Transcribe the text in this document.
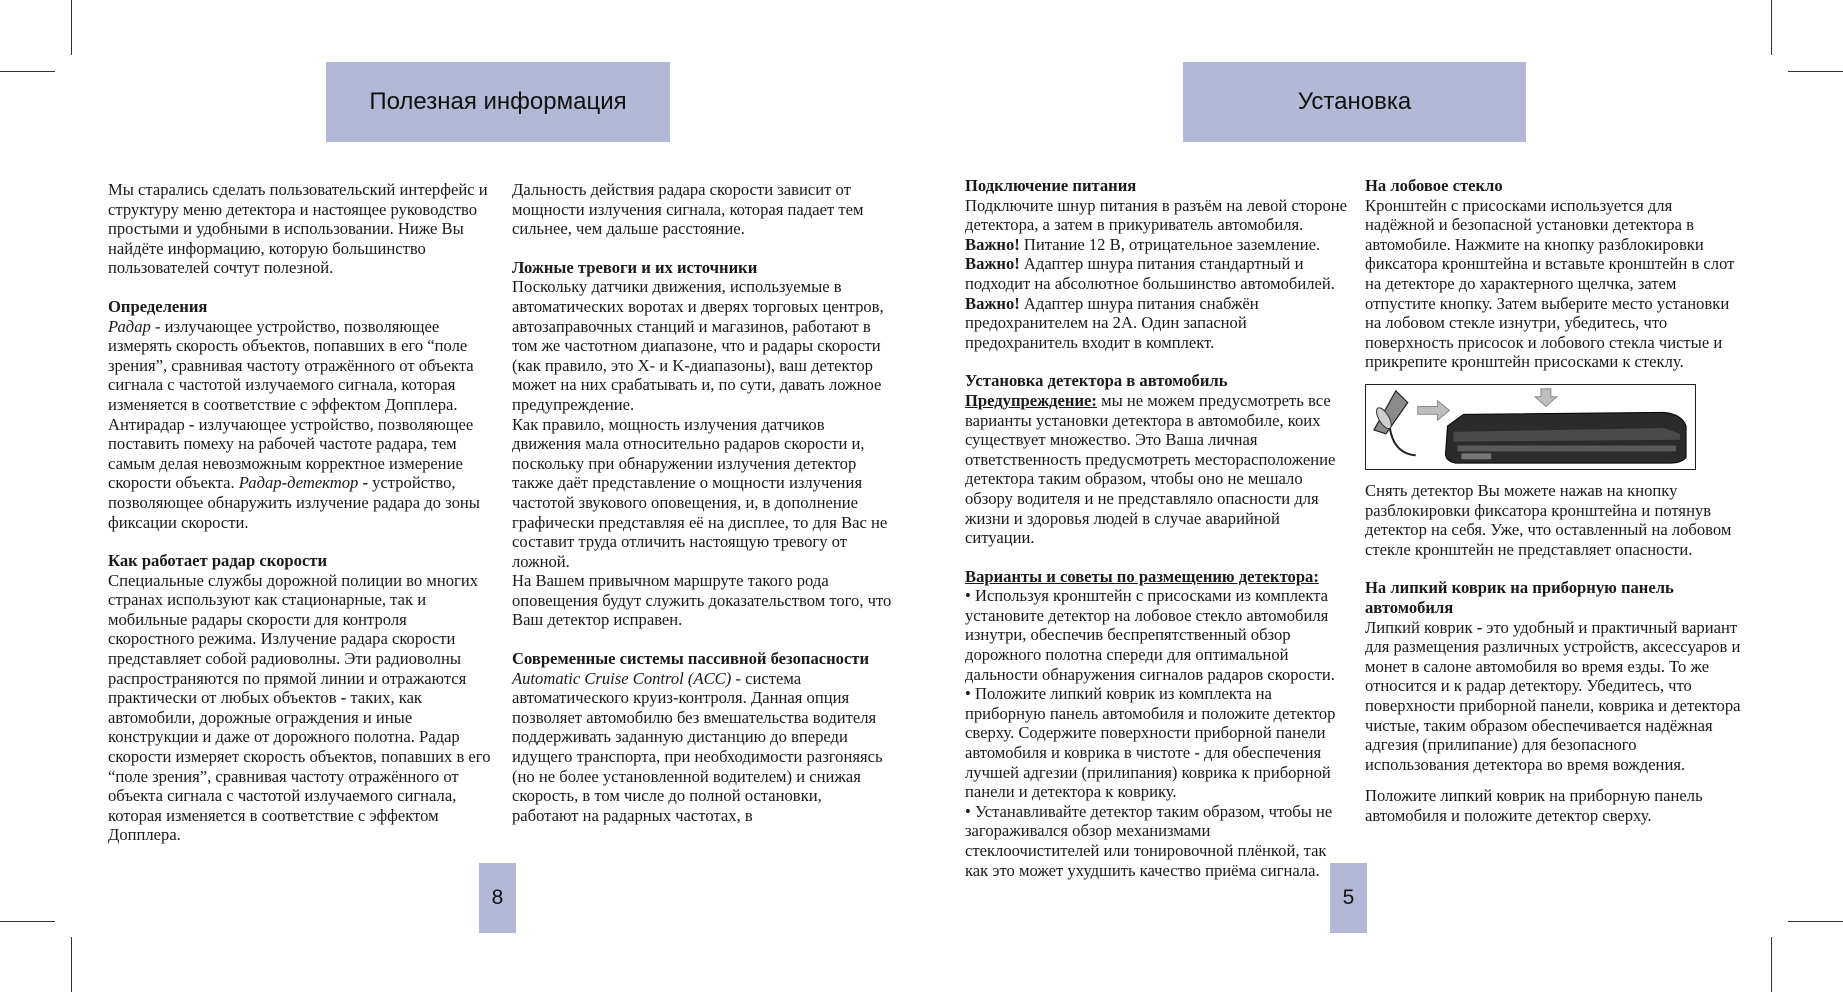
Полезная информация

Мы старались сделать пользовательский интерфейс и структуру меню детектора и настоящее руководство простыми и удобными в использовании. Ниже Вы найдёте информацию, которую большинство пользователей сочтут полезной.

Определения

Радар - излучающее устройство, позволяющее измерять скорость объектов, попавших в его “поле зрения”, сравнивая частоту отражённого от объекта сигнала с частотой излучаемого сигнала, которая изменяется в соответствие с эффектом Допплера. Антирадар - излучающее устройство, позволяющее поставить помеху на рабочей частоте радара, тем самым делая невозможным корректное измерение скорости объекта. Радар-детектор - устройство, позволяющее обнаружить излучение радара до зоны фиксации скорости.

Как работает радар скорости

Специальные службы дорожной полиции во многих странах используют как стационарные, так и мобильные радары скорости для контроля скоростного режима. Излучение радара скорости представляет собой радиоволны. Эти радиоволны распространяются по прямой линии и отражаются практически от любых объектов - таких, как автомобили, дорожные ограждения и иные конструкции и даже от дорожного полотна. Радар скорости измеряет скорость объектов, попавших в его “поле зрения”, сравнивая частоту отражённого от объекта сигнала с частотой излучаемого сигнала, которая изменяется в соответствие с эффектом Допплера.

Дальность действия радара скорости зависит от мощности излучения сигнала, которая падает тем сильнее, чем дальше расстояние.

Ложные тревоги и их источники

Поскольку датчики движения, используемые в автоматических воротах и дверях торговых центров, автозаправочных станций и магазинов, работают в том же частотном диапазоне, что и радары скорости (как правило, это X- и K-диапазоны), ваш детектор может на них срабатывать и, по сути, давать ложное предупреждение.

Как правило, мощность излучения датчиков движения мала относительно радаров скорости и, поскольку при обнаружении излучения детектор также даёт представление о мощности излучения частотой звукового оповещения, и, в дополнение графически представляя её на дисплее, то для Вас не составит труда отличить настоящую тревогу от ложной.

На Вашем привычном маршруте такого рода оповещения будут служить доказательством того, что Ваш детектор исправен.

Современные системы пассивной безопасности

Automatic Cruise Control (ACC) - система автоматического круиз-контроля. Данная опция позволяет автомобилю без вмешательства водителя поддерживать заданную дистанцию до впереди идущего транспорта, при необходимости разгоняясь (но не более установленной водителем) и снижая скорость, в том числе до полной остановки, работают на радарных частотах, в

8
Установка

Подключение питания

Подключите шнур питания в разъём на левой стороне детектора, а затем в прикуриватель автомобиля.

Важно! Питание 12 В, отрицательное заземление.

Важно! Адаптер шнура питания стандартный и подходит на абсолютное большинство автомобилей.

Важно! Адаптер шнура питания снабжён предохранителем на 2А. Один запасной предохранитель входит в комплект.

Установка детектора в автомобиль

Предупреждение: мы не можем предусмотреть все варианты установки детектора в автомобиле, коих существует множество. Это Ваша личная ответственность предусмотреть месторасположение детектора таким образом, чтобы оно не мешало обзору водителя и не представляло опасности для жизни и здоровья людей в случае аварийной ситуации.

Варианты и советы по размещению детектора:

• Используя кронштейн с присосками из комплекта установите детектор на лобовое стекло автомобиля изнутри, обеспечив беспрепятственный обзор дорожного полотна спереди для оптимальной дальности обнаружения сигналов радаров скорости.

• Положите липкий коврик из комплекта на приборную панель автомобиля и положите детектор сверху. Содержите поверхности приборной панели автомобиля и коврика в чистоте - для обеспечения лучшей адгезии (прилипания) коврика к приборной панели и детектора к коврику.

• Устанавливайте детектор таким образом, чтобы не загораживался обзор механизмами стеклоочистителей или тонировочной плёнкой, так как это может ухудшить качество приёма сигнала.

На лобовое стекло

Кронштейн с присосками используется для надёжной и безопасной установки детектора в автомобиле. Нажмите на кнопку разблокировки фиксатора кронштейна и вставьте кронштейн в слот на детекторе до характерного щелчка, затем отпустите кнопку. Затем выберите место установки на лобовом стекле изнутри, убедитесь, что поверхность присосок и лобового стекла чистые и прикрепите кронштейн присосками к стеклу.

Снять детектор Вы можете нажав на кнопку разблокировки фиксатора кронштейна и потянув детектор на себя. Уже, что оставленный на лобовом стекле кронштейн не представляет опасности.

На липкий коврик на приборную панель автомобиля

Липкий коврик - это удобный и практичный вариант для размещения различных устройств, аксессуаров и монет в салоне автомобиля во время езды. То же относится и к радар детектору. Убедитесь, что поверхности приборной панели, коврика и детектора чистые, таким образом обеспечивается надёжная адгезия (прилипание) для безопасного использования детектора во время вождения.

Положите липкий коврик на приборную панель автомобиля и положите детектор сверху.

5
